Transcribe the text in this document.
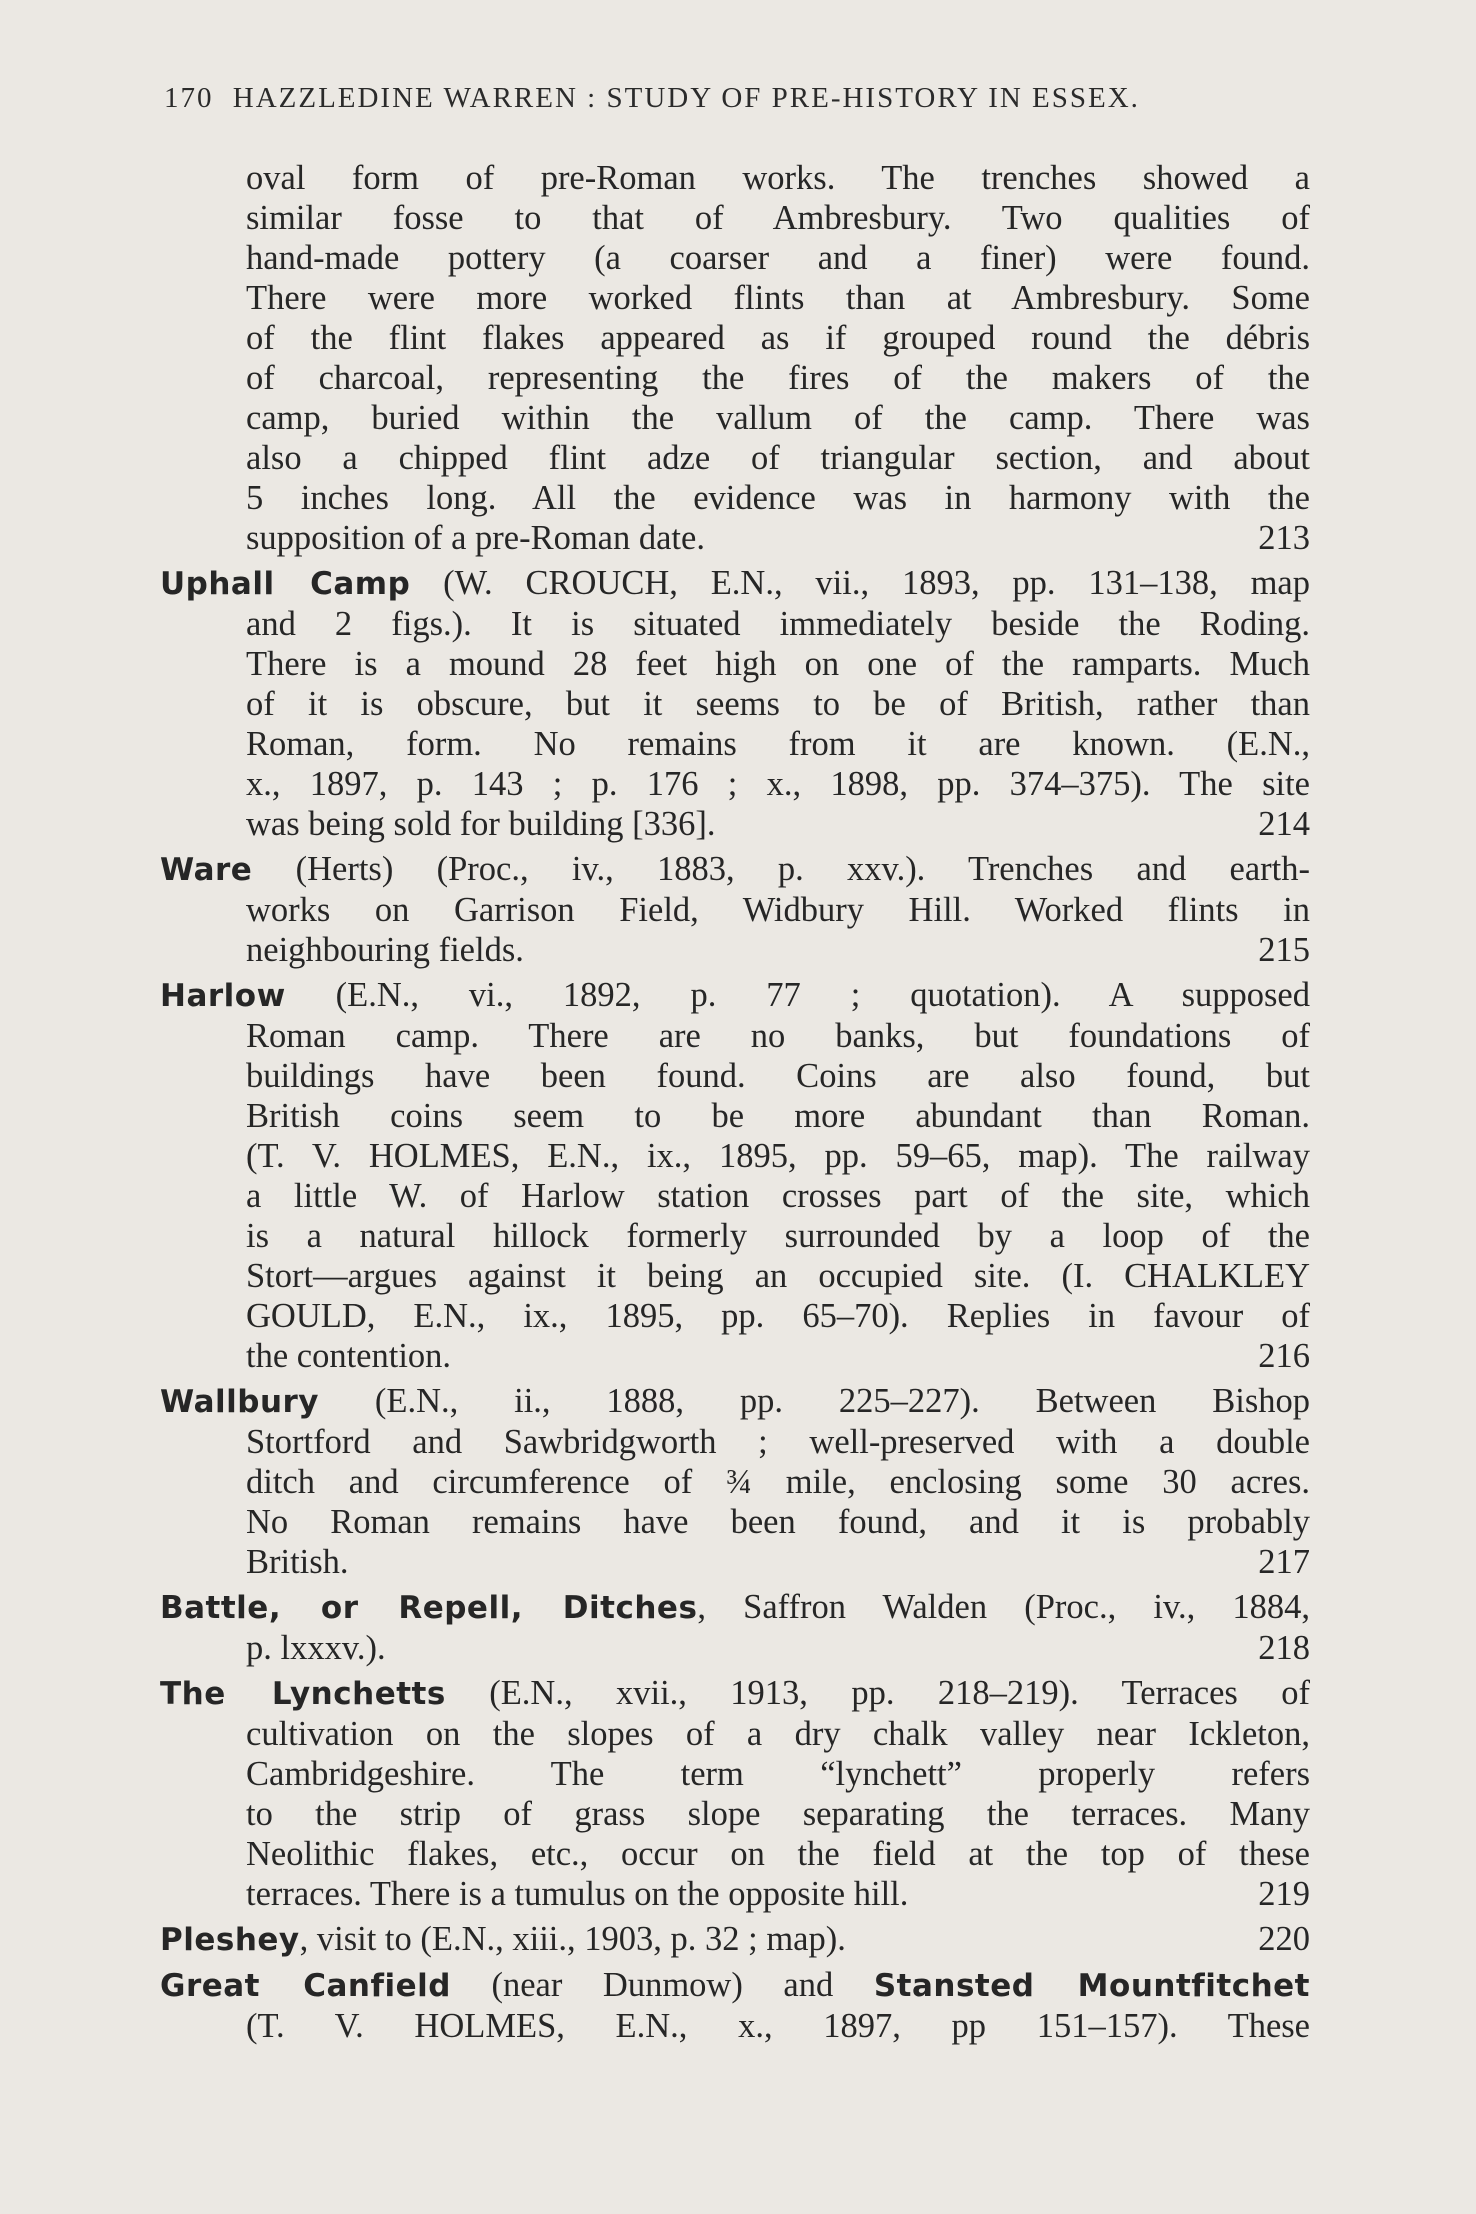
170 HAZZLEDINE WARREN : STUDY OF PRE-HISTORY IN ESSEX.
oval form of pre-Roman works. The trenches showed a
similar fosse to that of Ambresbury. Two qualities of
hand-made pottery (a coarser and a finer) were found.
There were more worked flints than at Ambresbury. Some
of the flint flakes appeared as if grouped round the débris
of charcoal, representing the fires of the makers of the
camp, buried within the vallum of the camp. There was
also a chipped flint adze of triangular section, and about
5 inches long. All the evidence was in harmony with the
supposition of a pre-Roman date.	213
Uphall Camp (W. CROUCH, E.N., vii., 1893, pp. 131–138, map
and 2 figs.). It is situated immediately beside the Roding.
There is a mound 28 feet high on one of the ramparts. Much
of it is obscure, but it seems to be of British, rather than
Roman, form. No remains from it are known. (E.N.,
x., 1897, p. 143 ; p. 176 ; x., 1898, pp. 374–375). The site
was being sold for building [336].	214
Ware (Herts) (Proc., iv., 1883, p. xxv.). Trenches and earth-
works on Garrison Field, Widbury Hill. Worked flints in
neighbouring fields.	215
Harlow (E.N., vi., 1892, p. 77 ; quotation). A supposed
Roman camp. There are no banks, but foundations of
buildings have been found. Coins are also found, but
British coins seem to be more abundant than Roman.
(T. V. HOLMES, E.N., ix., 1895, pp. 59–65, map). The railway
a little W. of Harlow station crosses part of the site, which
is a natural hillock formerly surrounded by a loop of the
Stort—argues against it being an occupied site. (I. CHALKLEY
GOULD, E.N., ix., 1895, pp. 65–70). Replies in favour of
the contention.	216
Wallbury (E.N., ii., 1888, pp. 225–227). Between Bishop
Stortford and Sawbridgworth ; well-preserved with a double
ditch and circumference of ¾ mile, enclosing some 30 acres.
No Roman remains have been found, and it is probably
British.	217
Battle, or Repell, Ditches, Saffron Walden (Proc., iv., 1884,
p. lxxxv.).	218
The Lynchetts (E.N., xvii., 1913, pp. 218–219). Terraces of
cultivation on the slopes of a dry chalk valley near Ickleton,
Cambridgeshire. The term “lynchett” properly refers
to the strip of grass slope separating the terraces. Many
Neolithic flakes, etc., occur on the field at the top of these
terraces. There is a tumulus on the opposite hill.	219
Pleshey, visit to (E.N., xiii., 1903, p. 32 ; map).	220
Great Canfield (near Dunmow) and Stansted Mountfitchet
(T. V. HOLMES, E.N., x., 1897, pp 151–157). These
